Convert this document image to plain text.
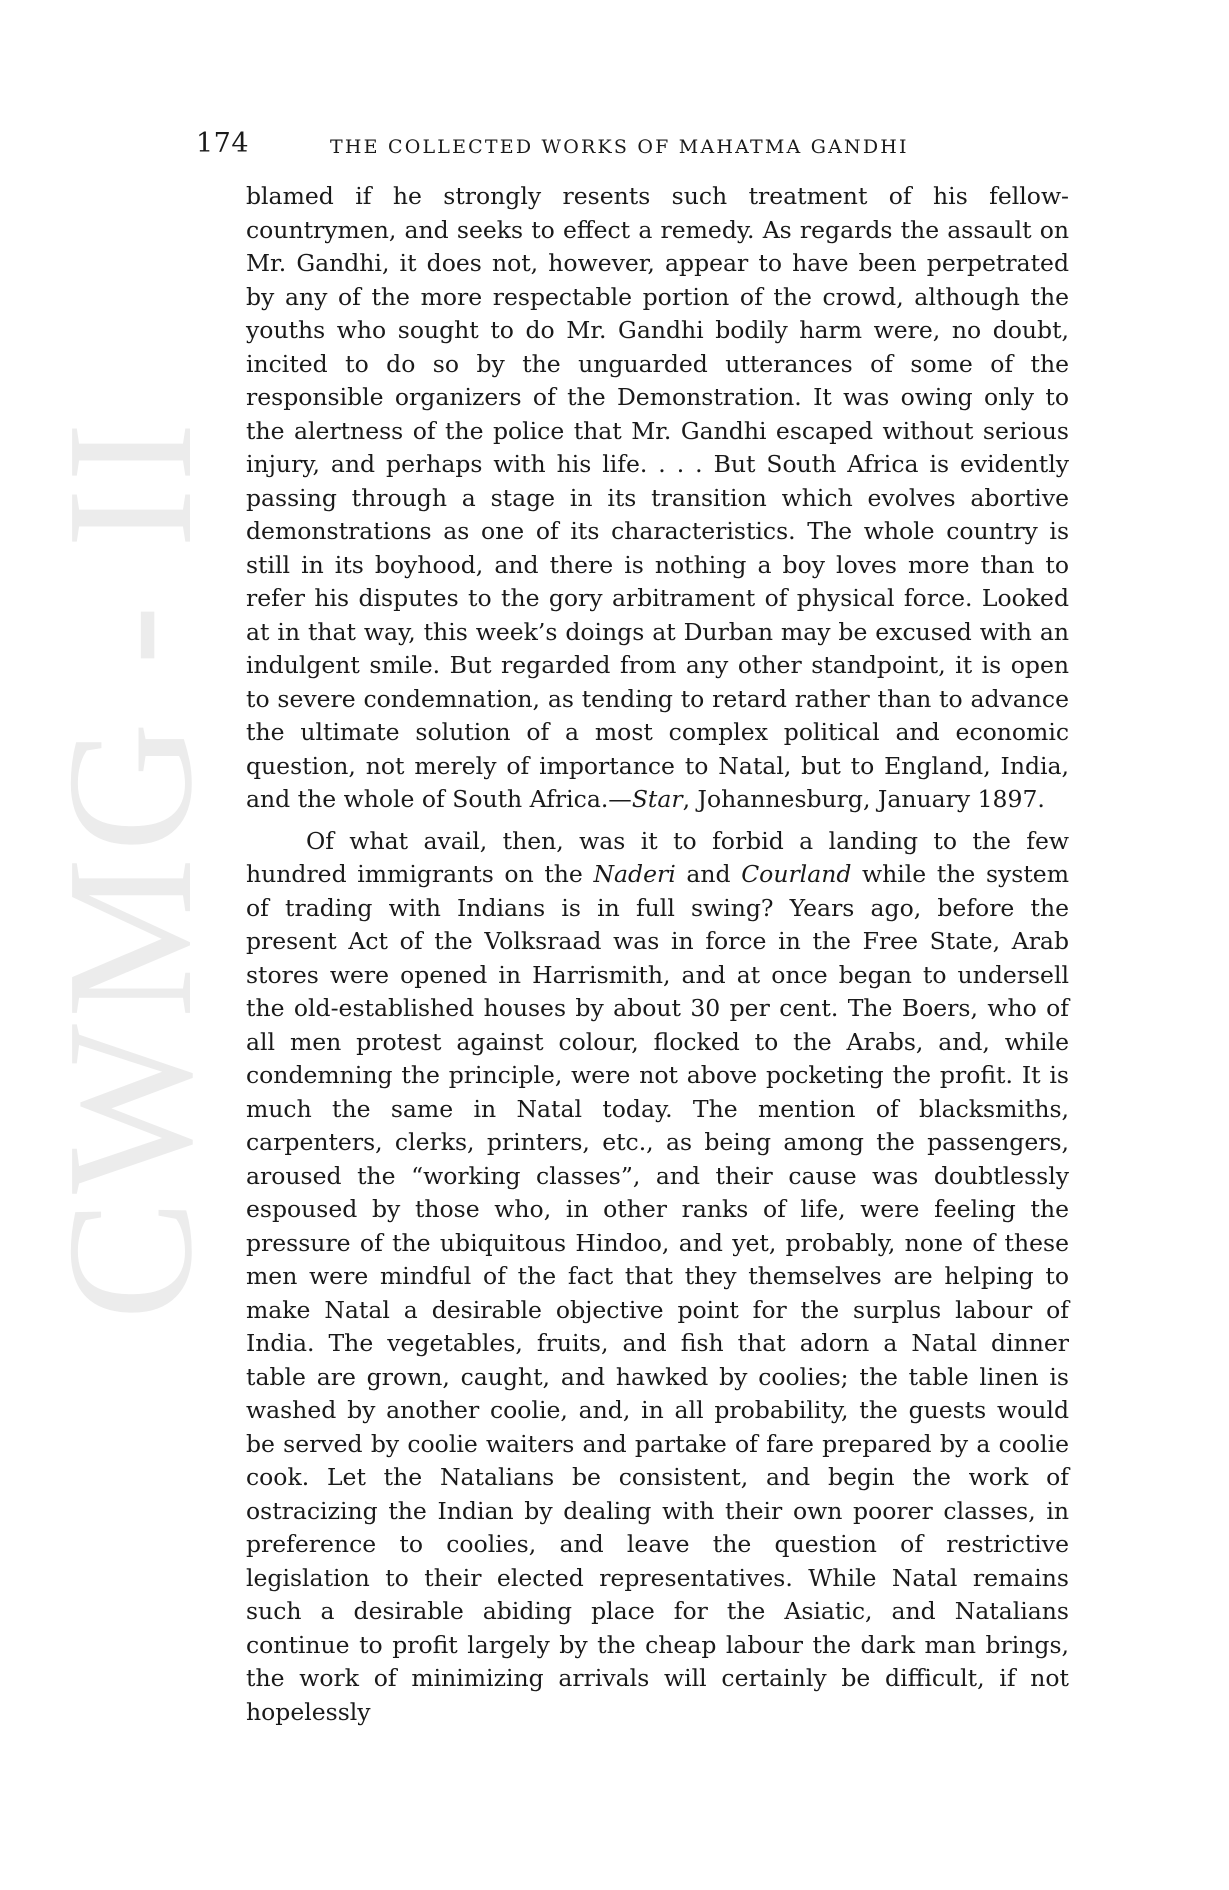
174	THE COLLECTED WORKS OF MAHATMA GANDHI
CWMG - II

blamed if he strongly resents such treatment of his fellow-countrymen, and seeks to effect a remedy. As regards the assault on Mr. Gandhi, it does not, however, appear to have been perpetrated by any of the more respectable portion of the crowd, although the youths who sought to do Mr. Gandhi bodily harm were, no doubt, incited to do so by the unguarded utterances of some of the responsible organizers of the Demonstration. It was owing only to the alertness of the police that Mr. Gandhi escaped without serious injury, and perhaps with his life. . . . But South Africa is evidently passing through a stage in its transition which evolves abortive demonstrations as one of its characteristics. The whole country is still in its boyhood, and there is nothing a boy loves more than to refer his disputes to the gory arbitrament of physical force. Looked at in that way, this week’s doings at Durban may be excused with an indulgent smile. But regarded from any other standpoint, it is open to severe condemnation, as tending to retard rather than to advance the ultimate solution of a most complex political and economic question, not merely of importance to Natal, but to England, India, and the whole of South Africa.—Star, Johannesburg, January 1897.

Of what avail, then, was it to forbid a landing to the few hundred immigrants on the Naderi and Courland while the system of trading with Indians is in full swing? Years ago, before the present Act of the Volksraad was in force in the Free State, Arab stores were opened in Harrismith, and at once began to undersell the old-established houses by about 30 per cent. The Boers, who of all men protest against colour, flocked to the Arabs, and, while condemning the principle, were not above pocketing the profit. It is much the same in Natal today. The mention of blacksmiths, carpenters, clerks, printers, etc., as being among the passengers, aroused the “working classes”, and their cause was doubtlessly espoused by those who, in other ranks of life, were feeling the pressure of the ubiquitous Hindoo, and yet, probably, none of these men were mindful of the fact that they themselves are helping to make Natal a desirable objective point for the surplus labour of India. The vegetables, fruits, and fish that adorn a Natal dinner table are grown, caught, and hawked by coolies; the table linen is washed by another coolie, and, in all probability, the guests would be served by coolie waiters and partake of fare prepared by a coolie cook. Let the Natalians be consistent, and begin the work of ostracizing the Indian by dealing with their own poorer classes, in preference to coolies, and leave the question of restrictive legislation to their elected representatives. While Natal remains such a desirable abiding place for the Asiatic, and Natalians continue to profit largely by the cheap labour the dark man brings, the work of minimizing arrivals will certainly be difficult, if not hopelessly
